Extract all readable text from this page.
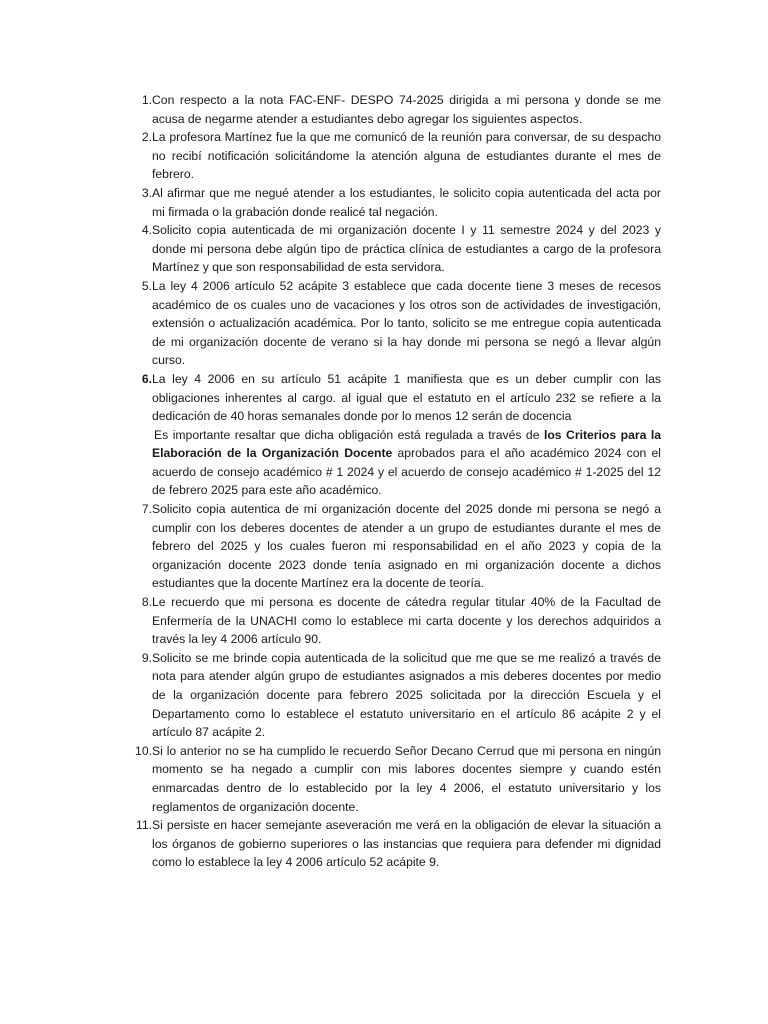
1. Con respecto a la nota FAC-ENF- DESPO 74-2025 dirigida a mi persona y donde se me acusa de negarme atender a estudiantes debo agregar los siguientes aspectos.

2. La profesora Martínez fue la que me comunicó de la reunión para conversar, de su despacho no recibí notificación solicitándome la atención alguna de estudiantes durante el mes de febrero.

3. Al afirmar que me negué atender a los estudiantes, le solicito copia autenticada del acta por mi firmada o la grabación donde realicé tal negación.

4. Solicito copia autenticada de mi organización docente I y 11 semestre 2024 y del 2023 y donde mi persona debe algún tipo de práctica clínica de estudiantes a cargo de la profesora Martínez y que son responsabilidad de esta servidora.

5. La ley 4 2006 artículo 52 acápite 3 establece que cada docente tiene 3 meses de recesos académico de os cuales uno de vacaciones y los otros son de actividades de investigación, extensión o actualización académica. Por lo tanto, solicito se me entregue copia autenticada de mi organización docente de verano si la hay donde mi persona se negó a llevar algún curso.

6. La ley 4 2006 en su artículo 51 acápite 1 manifiesta que es un deber cumplir con las obligaciones inherentes al cargo. al igual que el estatuto en el artículo 232 se refiere a la dedicación de 40 horas semanales donde por lo menos 12 serán de docencia

Es importante resaltar que dicha obligación está regulada a través de los Criterios para la Elaboración de la Organización Docente aprobados para el año académico 2024 con el acuerdo de consejo académico # 1 2024 y el acuerdo de consejo académico # 1-2025 del 12 de febrero 2025 para este año académico.

7. Solicito copia autentica de mi organización docente del 2025 donde mi persona se negó a cumplir con los deberes docentes de atender a un grupo de estudiantes durante el mes de febrero del 2025 y los cuales fueron mi responsabilidad en el año 2023 y copia de la organización docente 2023 donde tenía asignado en mi organización docente a dichos estudiantes que la docente Martínez era la docente de teoría.

8. Le recuerdo que mi persona es docente de cátedra regular titular 40% de la Facultad de Enfermería de la UNACHI como lo establece mi carta docente y los derechos adquiridos a través la ley 4 2006 artículo 90.

9. Solicito se me brinde copia autenticada de la solicitud que me que se me realizó a través de nota para atender algún grupo de estudiantes asignados a mis deberes docentes por medio de la organización docente para febrero 2025 solicitada por la dirección Escuela y el Departamento como lo establece el estatuto universitario en el artículo 86 acápite 2 y el artículo 87 acápite 2.

10. Si lo anterior no se ha cumplido le recuerdo Señor Decano Cerrud que mi persona en ningún momento se ha negado a cumplir con mis labores docentes siempre y cuando estén enmarcadas dentro de lo establecido por la ley 4 2006, el estatuto universitario y los reglamentos de organización docente.

11. Si persiste en hacer semejante aseveración me verá en la obligación de elevar la situación a los órganos de gobierno superiores o las instancias que requiera para defender mi dignidad como lo establece la ley 4 2006 artículo 52 acápite 9.
